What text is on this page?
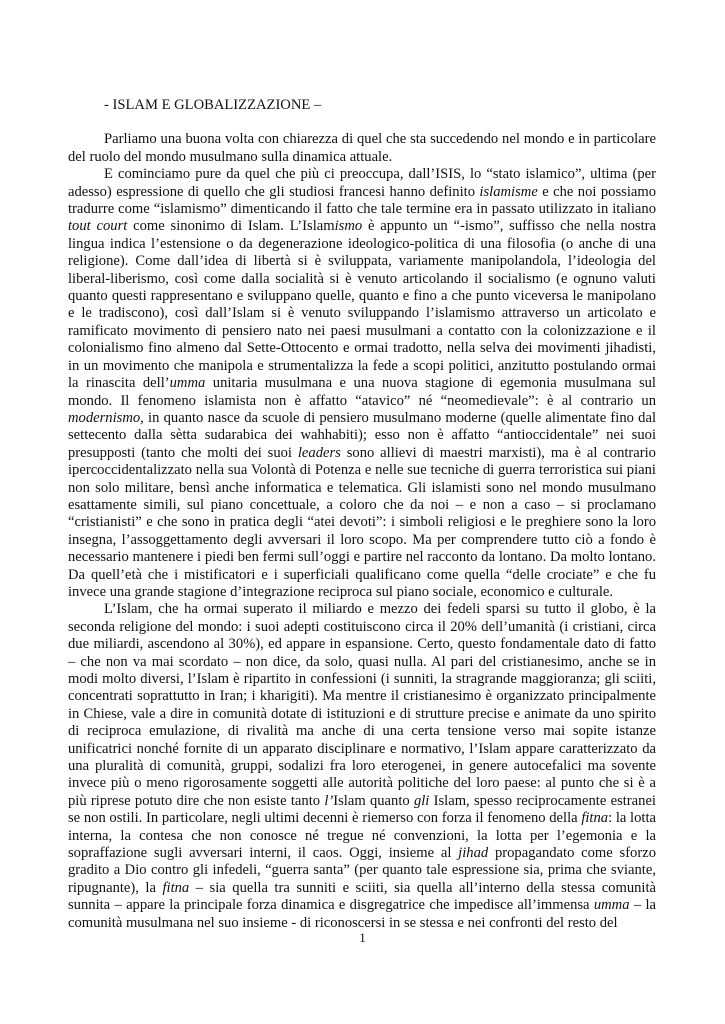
- ISLAM E GLOBALIZZAZIONE –

Parliamo una buona volta con chiarezza di quel che sta succedendo nel mondo e in particolare del ruolo del mondo musulmano sulla dinamica attuale.

E cominciamo pure da quel che più ci preoccupa, dall’ISIS, lo “stato islamico”, ultima (per adesso) espressione di quello che gli studiosi francesi hanno definito islamisme e che noi possiamo tradurre come “islamismo” dimenticando il fatto che tale termine era in passato utilizzato in italiano tout court come sinonimo di Islam. L’Islamismo è appunto un “-ismo”, suffisso che nella nostra lingua indica l’estensione o da degenerazione ideologico-politica di una filosofia (o anche di una religione). Come dall’idea di libertà si è sviluppata, variamente manipolandola, l’ideologia del liberal-liberismo, così come dalla socialità si è venuto articolando il socialismo (e ognuno valuti quanto questi rappresentano e sviluppano quelle, quanto e fino a che punto viceversa le manipolano e le tradiscono), così dall’Islam si è venuto sviluppando l’islamismo attraverso un articolato e ramificato movimento di pensiero nato nei paesi musulmani a contatto con la colonizzazione e il colonialismo fino almeno dal Sette-Ottocento e ormai tradotto, nella selva dei movimenti jihadisti, in un movimento che manipola e strumentalizza la fede a scopi politici, anzitutto postulando ormai la rinascita dell’umma unitaria musulmana e una nuova stagione di egemonia musulmana sul mondo. Il fenomeno islamista non è affatto “atavico” né “neomedievale”: è al contrario un modernismo, in quanto nasce da scuole di pensiero musulmano moderne (quelle alimentate fino dal settecento dalla sètta sudarabica dei wahhabiti); esso non è affatto “antioccidentale” nei suoi presupposti (tanto che molti dei suoi leaders sono allievi di maestri marxisti), ma è al contrario ipercoccidentalizzato nella sua Volontà di Potenza e nelle sue tecniche di guerra terroristica sui piani non solo militare, bensì anche informatica e telematica. Gli islamisti sono nel mondo musulmano esattamente simili, sul piano concettuale, a coloro che da noi – e non a caso – si proclamano “cristianisti” e che sono in pratica degli “atei devoti”: i simboli religiosi e le preghiere sono la loro insegna, l’assoggettamento degli avversari il loro scopo. Ma per comprendere tutto ciò a fondo è necessario mantenere i piedi ben fermi sull’oggi e partire nel racconto da lontano. Da molto lontano. Da quell’età che i mistificatori e i superficiali qualificano come quella “delle crociate” e che fu invece una grande stagione d’integrazione reciproca sul piano sociale, economico e culturale.

L’Islam, che ha ormai superato il miliardo e mezzo dei fedeli sparsi su tutto il globo, è la seconda religione del mondo: i suoi adepti costituiscono circa il 20% dell’umanità (i cristiani, circa due miliardi, ascendono al 30%), ed appare in espansione. Certo, questo fondamentale dato di fatto – che non va mai scordato – non dice, da solo, quasi nulla. Al pari del cristianesimo, anche se in modi molto diversi, l’Islam è ripartito in confessioni (i sunniti, la stragrande maggioranza; gli sciiti, concentrati soprattutto in Iran; i kharigiti). Ma mentre il cristianesimo è organizzato principalmente in Chiese, vale a dire in comunità dotate di istituzioni e di strutture precise e animate da uno spirito di reciproca emulazione, di rivalità ma anche di una certa tensione verso mai sopite istanze unificatrici nonché fornite di un apparato disciplinare e normativo, l’Islam appare caratterizzato da una pluralità di comunità, gruppi, sodalizi fra loro eterogenei, in genere autocefalici ma sovente invece più o meno rigorosamente soggetti alle autorità politiche del loro paese: al punto che si è a più riprese potuto dire che non esiste tanto l’Islam quanto gli Islam, spesso reciprocamente estranei se non ostili. In particolare, negli ultimi decenni è riemerso con forza il fenomeno della fitna: la lotta interna, la contesa che non conosce né tregue né convenzioni, la lotta per l’egemonia e la sopraffazione sugli avversari interni, il caos. Oggi, insieme al jihad propagandato come sforzo gradito a Dio contro gli infedeli, “guerra santa” (per quanto tale espressione sia, prima che sviante, ripugnante), la fitna – sia quella tra sunniti e sciiti, sia quella all’interno della stessa comunità sunnita – appare la principale forza dinamica e disgregatrice che impedisce all’immensa umma – la comunità musulmana nel suo insieme - di riconoscersi in se stessa e nei confronti del resto del

1
